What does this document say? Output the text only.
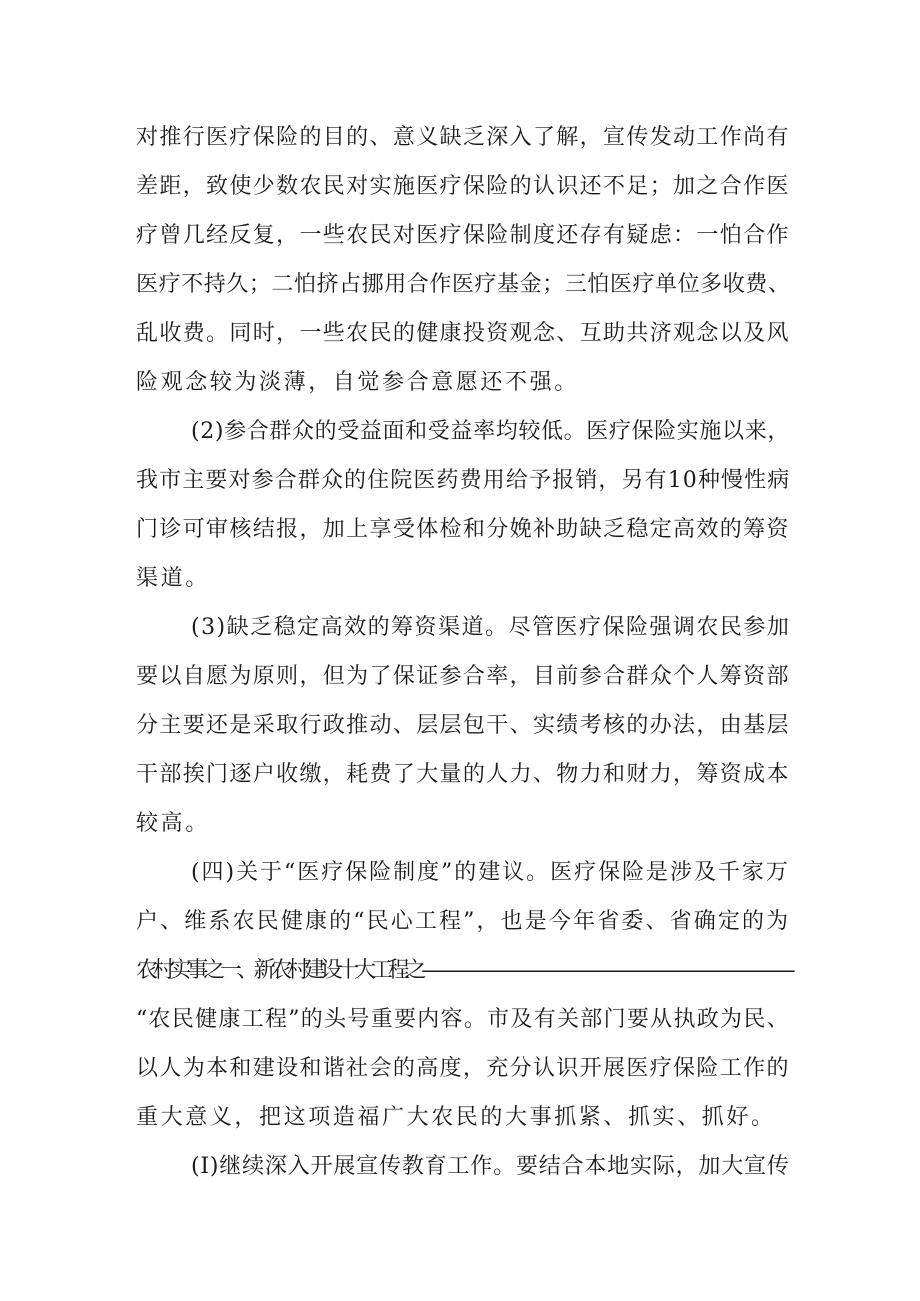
对推行医疗保险的目的、意义缺乏深入了解，宣传发动工作尚有
差距，致使少数农民对实施医疗保险的认识还不足；加之合作医
疗曾几经反复，一些农民对医疗保险制度还存有疑虑：一怕合作
医疗不持久；二怕挤占挪用合作医疗基金；三怕医疗单位多收费、
乱收费。同时，一些农民的健康投资观念、互助共济观念以及风
险观念较为淡薄，自觉参合意愿还不强。
(2)参合群众的受益面和受益率均较低。医疗保险实施以来，
我市主要对参合群众的住院医药费用给予报销，另有10种慢性病
门诊可审核结报，加上享受体检和分娩补助缺乏稳定高效的筹资
渠道。
(3)缺乏稳定高效的筹资渠道。尽管医疗保险强调农民参加
要以自愿为原则，但为了保证参合率，目前参合群众个人筹资部
分主要还是采取行政推动、层层包干、实绩考核的办法，由基层
干部挨门逐户收缴，耗费了大量的人力、物力和财力，筹资成本
较高。
(四)关于“医疗保险制度”的建议。医疗保险是涉及千家万
户、维系农民健康的“民心工程”，也是今年省委、省确定的为
农村实事之一、新农村建设十大工程之——————————————————————
“农民健康工程”的头号重要内容。市及有关部门要从执政为民、
以人为本和建设和谐社会的高度，充分认识开展医疗保险工作的
重大意义，把这项造福广大农民的大事抓紧、抓实、抓好。
(I)继续深入开展宣传教育工作。要结合本地实际，加大宣传
